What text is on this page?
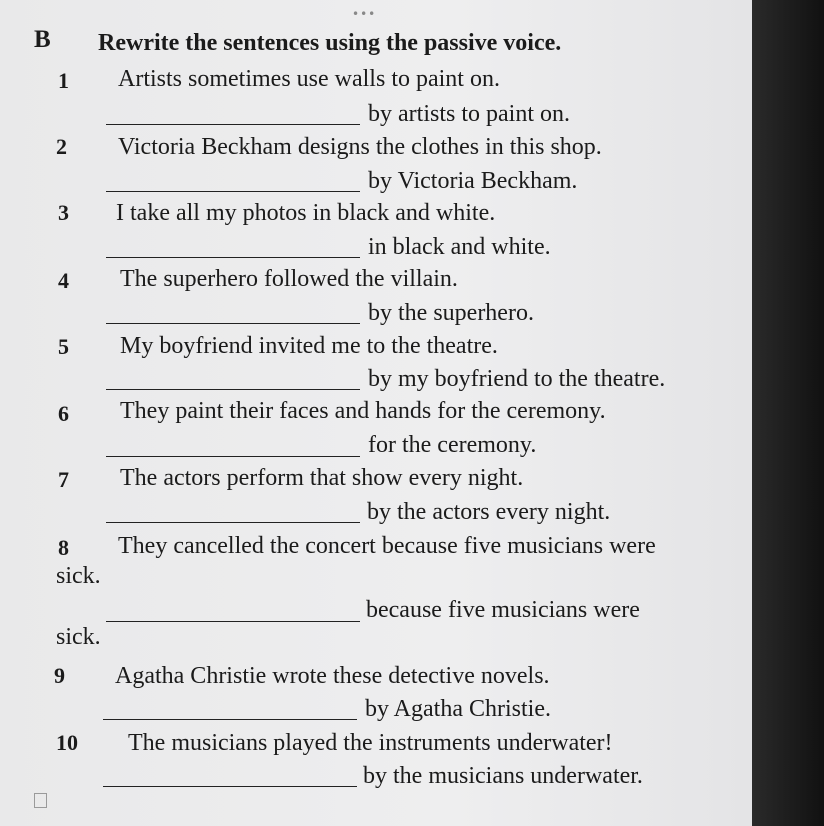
•••
B Rewrite the sentences using the passive voice.
1 Artists sometimes use walls to paint on.
by artists to paint on.
2 Victoria Beckham designs the clothes in this shop.
by Victoria Beckham.
3 I take all my photos in black and white.
in black and white.
4 The superhero followed the villain.
by the superhero.
5 My boyfriend invited me to the theatre.
by my boyfriend to the theatre.
6 They paint their faces and hands for the ceremony.
for the ceremony.
7 The actors perform that show every night.
by the actors every night.
8 They cancelled the concert because five musicians were
sick.
because five musicians were
sick.
9 Agatha Christie wrote these detective novels.
by Agatha Christie.
10 The musicians played the instruments underwater!
by the musicians underwater.
